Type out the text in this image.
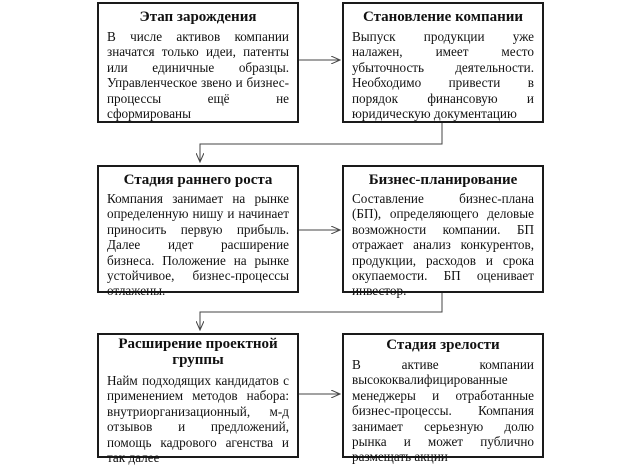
Этап зарождения
В числе активов компании значатся только идеи, патенты или единичные образцы. Управленческое звено и бизнес-процессы ещё не сформированы
Становление компании
Выпуск продукции уже налажен, имеет место убыточность деятельности. Необходимо привести в порядок финансовую и юридическую документацию
Стадия раннего роста
Компания занимает на рынке определенную нишу и начинает приносить первую прибыль. Далее идет расширение бизнеса. Положение на рынке устойчивое, бизнес-процессы отлажены.
Бизнес-планирование
Составление бизнес-плана (БП), определяющего деловые возможности компании. БП отражает анализ конкурентов, продукции, расходов и срока окупаемости. БП оценивает инвестор.
Расширение проектной группы
Найм подходящих кандидатов с применением методов набора: внутриорганизационный, м-д отзывов и предложений, помощь кадрового агенства и так далее
Стадия зрелости
В активе компании высококвалифицированные менеджеры и отработанные бизнес-процессы. Компания занимает серьезную долю рынка и может публично размещать акции
